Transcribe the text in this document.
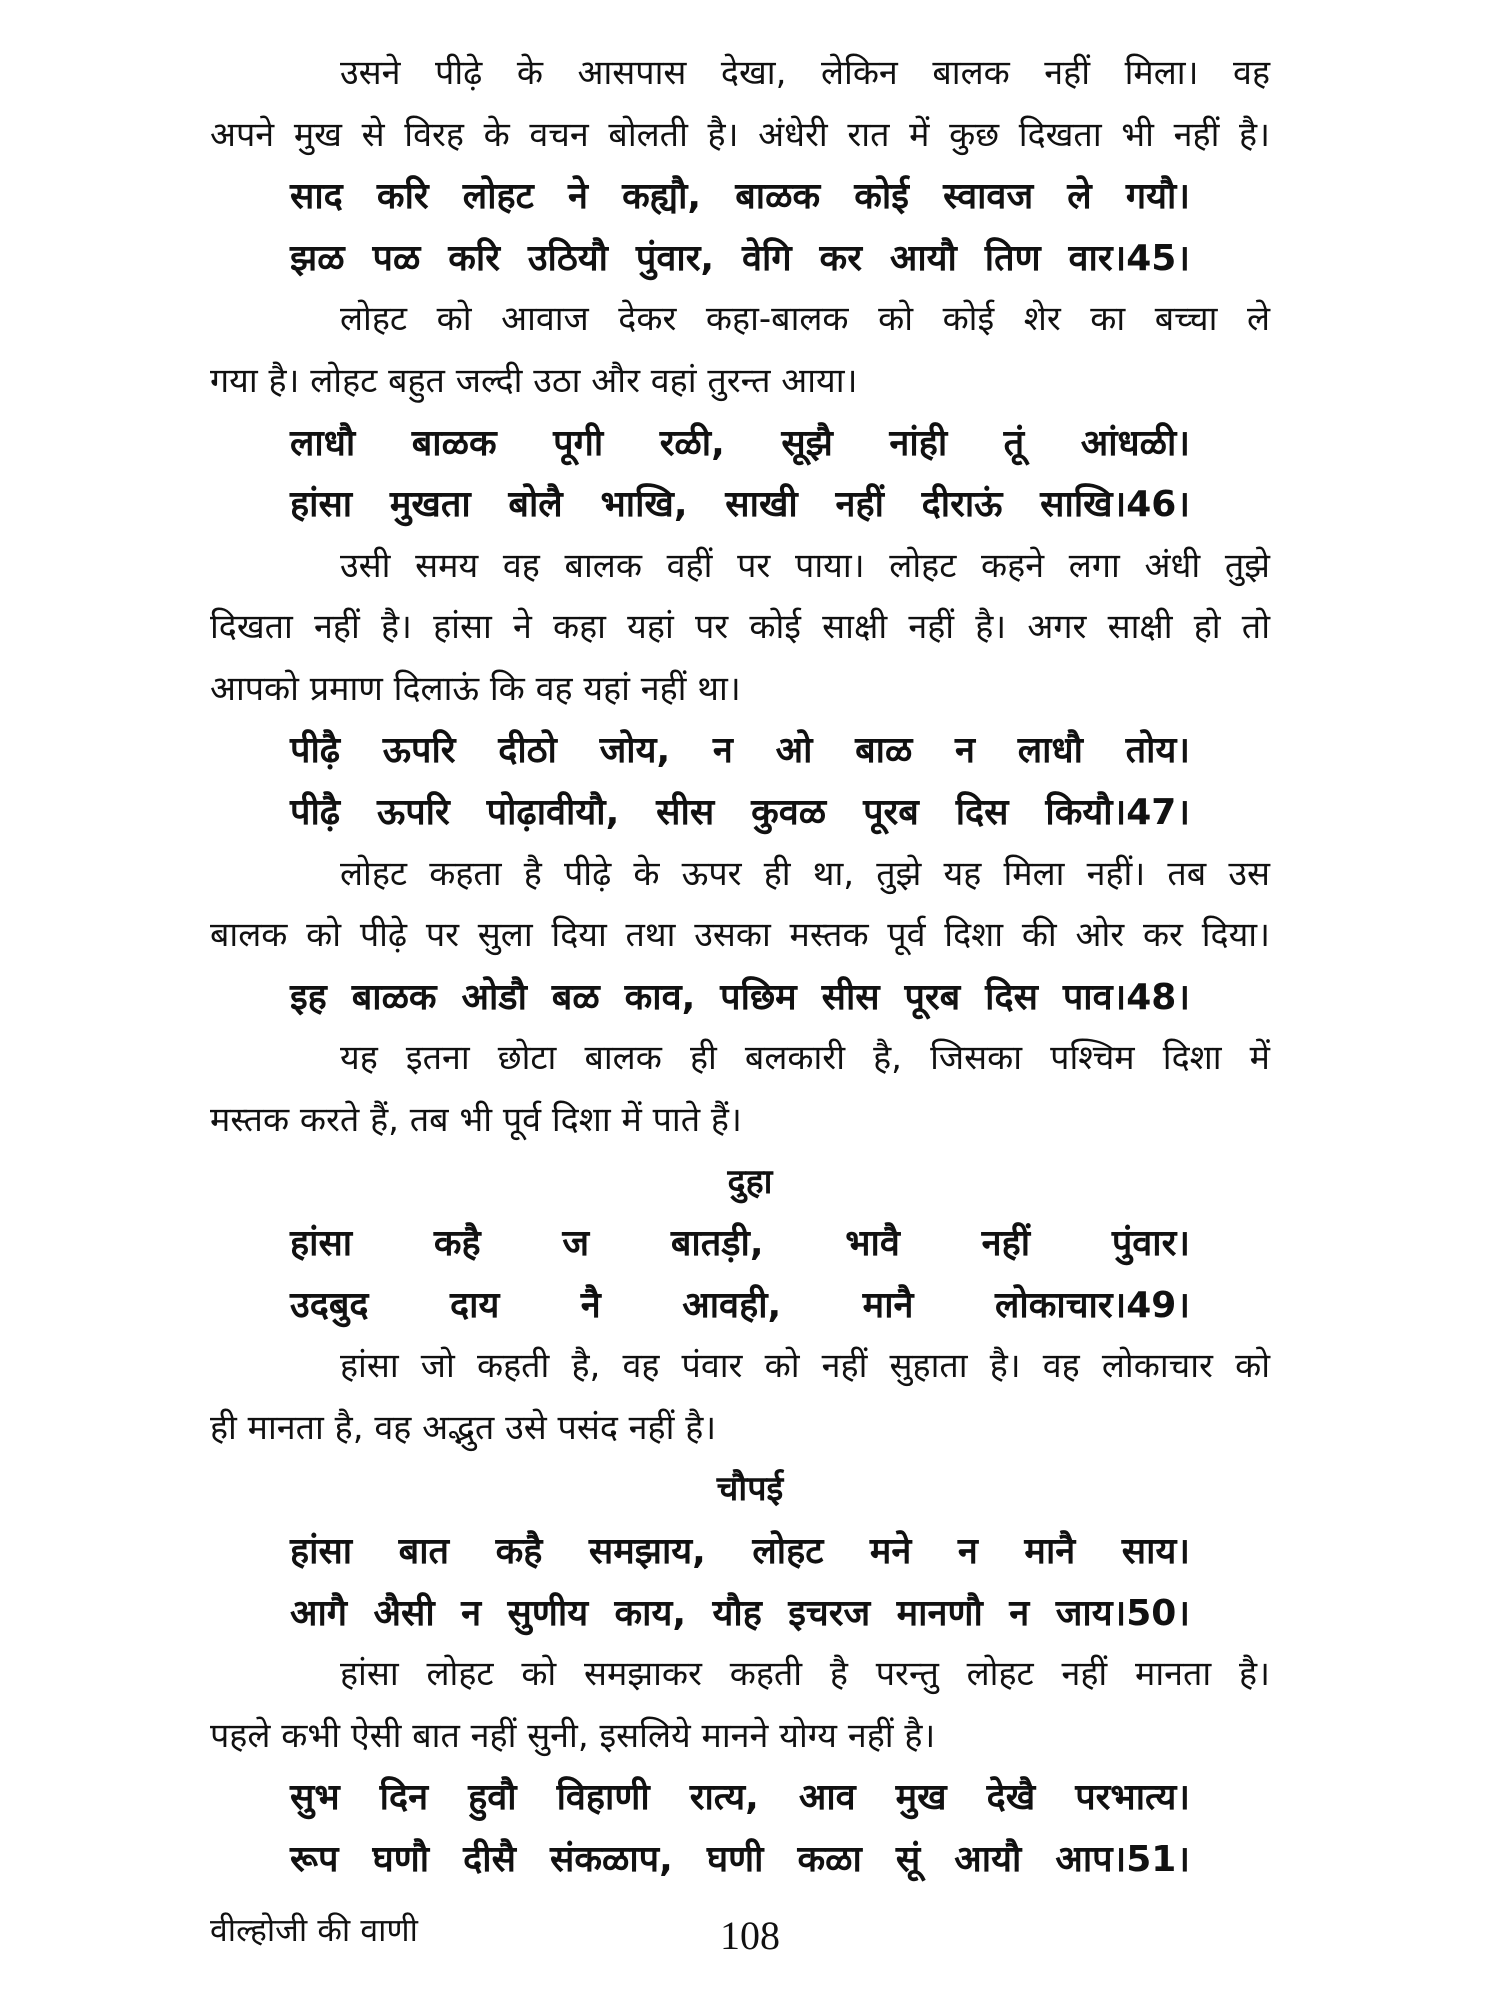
उसने पीढ़े के आसपास देखा, लेकिन बालक नहीं मिला। वह
अपने मुख से विरह के वचन बोलती है। अंधेरी रात में कुछ दिखता भी नहीं है।
साद करि लोहट ने कह्यौ, बाळक कोई स्वावज ले गयौ।
झळ पळ करि उठियौ पुंवार, वेगि कर आयौ तिण वार।45।
लोहट को आवाज देकर कहा-बालक को कोई शेर का बच्चा ले
गया है। लोहट बहुत जल्दी उठा और वहां तुरन्त आया।
लाधौ बाळक पूगी रळी, सूझै नांही तूं आंधळी।
हांसा मुखता बोलै भाखि, साखी नहीं दीराऊं साखि।46।
उसी समय वह बालक वहीं पर पाया। लोहट कहने लगा अंधी तुझे
दिखता नहीं है। हांसा ने कहा यहां पर कोई साक्षी नहीं है। अगर साक्षी हो तो
आपको प्रमाण दिलाऊं कि वह यहां नहीं था।
पीढ़ै ऊपरि दीठो जोय, न ओ बाळ न लाधौ तोय।
पीढ़ै ऊपरि पोढ़ावीयौ, सीस कुवळ पूरब दिस कियौ।47।
लोहट कहता है पीढ़े के ऊपर ही था, तुझे यह मिला नहीं। तब उस
बालक को पीढ़े पर सुला दिया तथा उसका मस्तक पूर्व दिशा की ओर कर दिया।
इह बाळक ओडौ बळ काव, पछिम सीस पूरब दिस पाव।48।
यह इतना छोटा बालक ही बलकारी है, जिसका पश्चिम दिशा में
मस्तक करते हैं, तब भी पूर्व दिशा में पाते हैं।
दुहा
हांसा कहै ज बातड़ी, भावै नहीं पुंवार।
उदबुद दाय नै आवही, मानै लोकाचार।49।
हांसा जो कहती है, वह पंवार को नहीं सुहाता है। वह लोकाचार को
ही मानता है, वह अद्भुत उसे पसंद नहीं है।
चौपई
हांसा बात कहै समझाय, लोहट मने न मानै साय।
आगै अैसी न सुणीय काय, यौह इचरज मानणौ न जाय।50।
हांसा लोहट को समझाकर कहती है परन्तु लोहट नहीं मानता है।
पहले कभी ऐसी बात नहीं सुनी, इसलिये मानने योग्य नहीं है।
सुभ दिन हुवौ विहाणी रात्य, आव मुख देखै परभात्य।
वील्होजी की वाणी	108
रूप घणौ दीसै संकळाप, घणी कळा सूं आयौ आप।51।
